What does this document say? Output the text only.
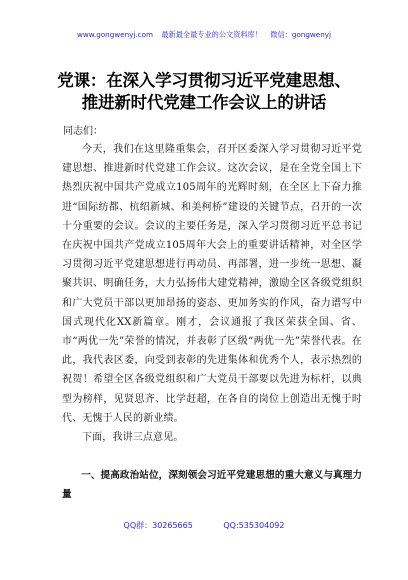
www.gongwenyj.com 最新最全最专业的公文资料库！ 微信：gongwenyj
党课：在深入学习贯彻习近平党建思想、
推进新时代党建工作会议上的讲话
同志们：

今天，我们在这里隆重集会，召开区委深入学习贯彻习近平党建思想、推进新时代党建工作会议。这次会议，是在全党全国上下热烈庆祝中国共产党成立105周年的光辉时刻，在全区上下奋力推进“国际纺都、杭绍新城、和美柯桥”建设的关键节点，召开的一次十分重要的会议。会议的主要任务是，深入学习贯彻习近平总书记在庆祝中国共产党成立105周年大会上的重要讲话精神，对全区学习贯彻习近平党建思想进行再动员、再部署，进一步统一思想、凝聚共识、明确任务，大力弘扬伟大建党精神，激励全区各级党组织和广大党员干部以更加昂扬的姿态、更加务实的作风，奋力谱写中国式现代化XX新篇章。刚才，会议通报了我区荣获全国、省、市“两优一先”荣誉的情况，并表彰了区级“两优一先”荣誉代表。在此，我代表区委，向受到表彰的先进集体和优秀个人，表示热烈的祝贺！希望全区各级党组织和广大党员干部要以先进为标杆，以典型为榜样，见贤思齐、比学赶超，在各自的岗位上创造出无愧于时代、无愧于人民的新业绩。

下面，我讲三点意见。

一、提高政治站位，深刻领会习近平党建思想的重大意义与真理力量
QQ群：30265665	QQ:535304092
